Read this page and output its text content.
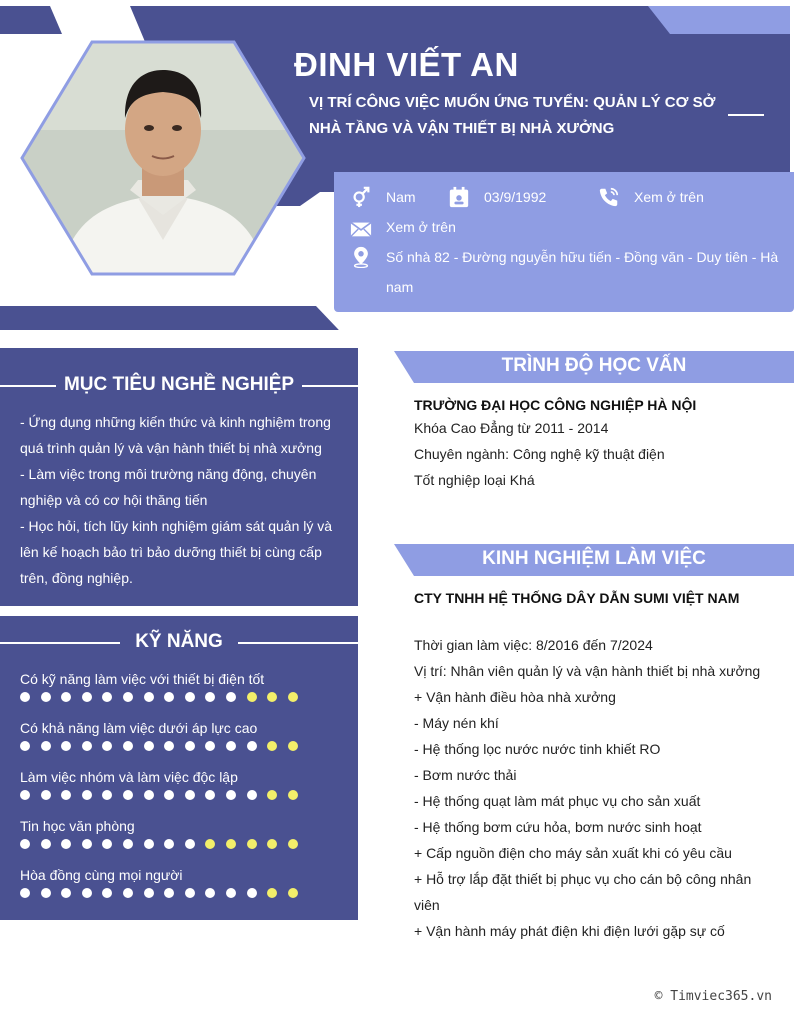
ĐINH VIẾT AN
VỊ TRÍ CÔNG VIỆC MUỐN ỨNG TUYỂN: QUẢN LÝ CƠ SỞ
NHÀ TẦNG VÀ VẬN THIẾT BỊ NHÀ XƯỞNG
Nam	03/9/1992	Xem ở trên
Xem ở trên
Số nhà 82 - Đường nguyễn hữu tiến - Đồng văn - Duy tiên - Hà
nam
MỤC TIÊU NGHỀ NGHIỆP
- Ứng dụng những kiến thức và kinh nghiệm trong
quá trình quản lý và vận hành thiết bị nhà xưởng
- Làm việc trong môi trường năng động, chuyên
nghiệp và có cơ hội thăng tiến
- Học hỏi, tích lũy kinh nghiệm giám sát quản lý và
lên kế hoạch bảo trì bảo dưỡng thiết bị cùng cấp
trên, đồng nghiệp.
KỸ NĂNG
Có kỹ năng làm việc với thiết bị điện tốt
Có khả năng làm việc dưới áp lực cao
Làm việc nhóm và làm việc độc lập
Tin học văn phòng
Hòa đồng cùng mọi người
TRÌNH ĐỘ HỌC VẤN
TRƯỜNG ĐẠI HỌC CÔNG NGHIỆP HÀ NỘI
Khóa Cao Đẳng từ 2011 - 2014
Chuyên ngành: Công nghệ kỹ thuật điện
Tốt nghiệp loại Khá
KINH NGHIỆM LÀM VIỆC
CTY TNHH HỆ THỐNG DÂY DẪN SUMI VIỆT NAM
Thời gian làm việc: 8/2016 đến 7/2024
Vị trí: Nhân viên quản lý và vận hành thiết bị nhà xưởng
+ Vận hành điều hòa nhà xưởng
- Máy nén khí
- Hệ thống lọc nước nước tinh khiết RO
- Bơm nước thải
- Hệ thống quạt làm mát phục vụ cho sản xuất
- Hệ thống bơm cứu hỏa, bơm nước sinh hoạt
+ Cấp nguồn điện cho máy sản xuất khi có yêu cầu
+ Hỗ trợ lắp đặt thiết bị phục vụ cho cán bộ công nhân
viên
+ Vận hành máy phát điện khi điện lưới gặp sự cố
© Timviec365.vn
